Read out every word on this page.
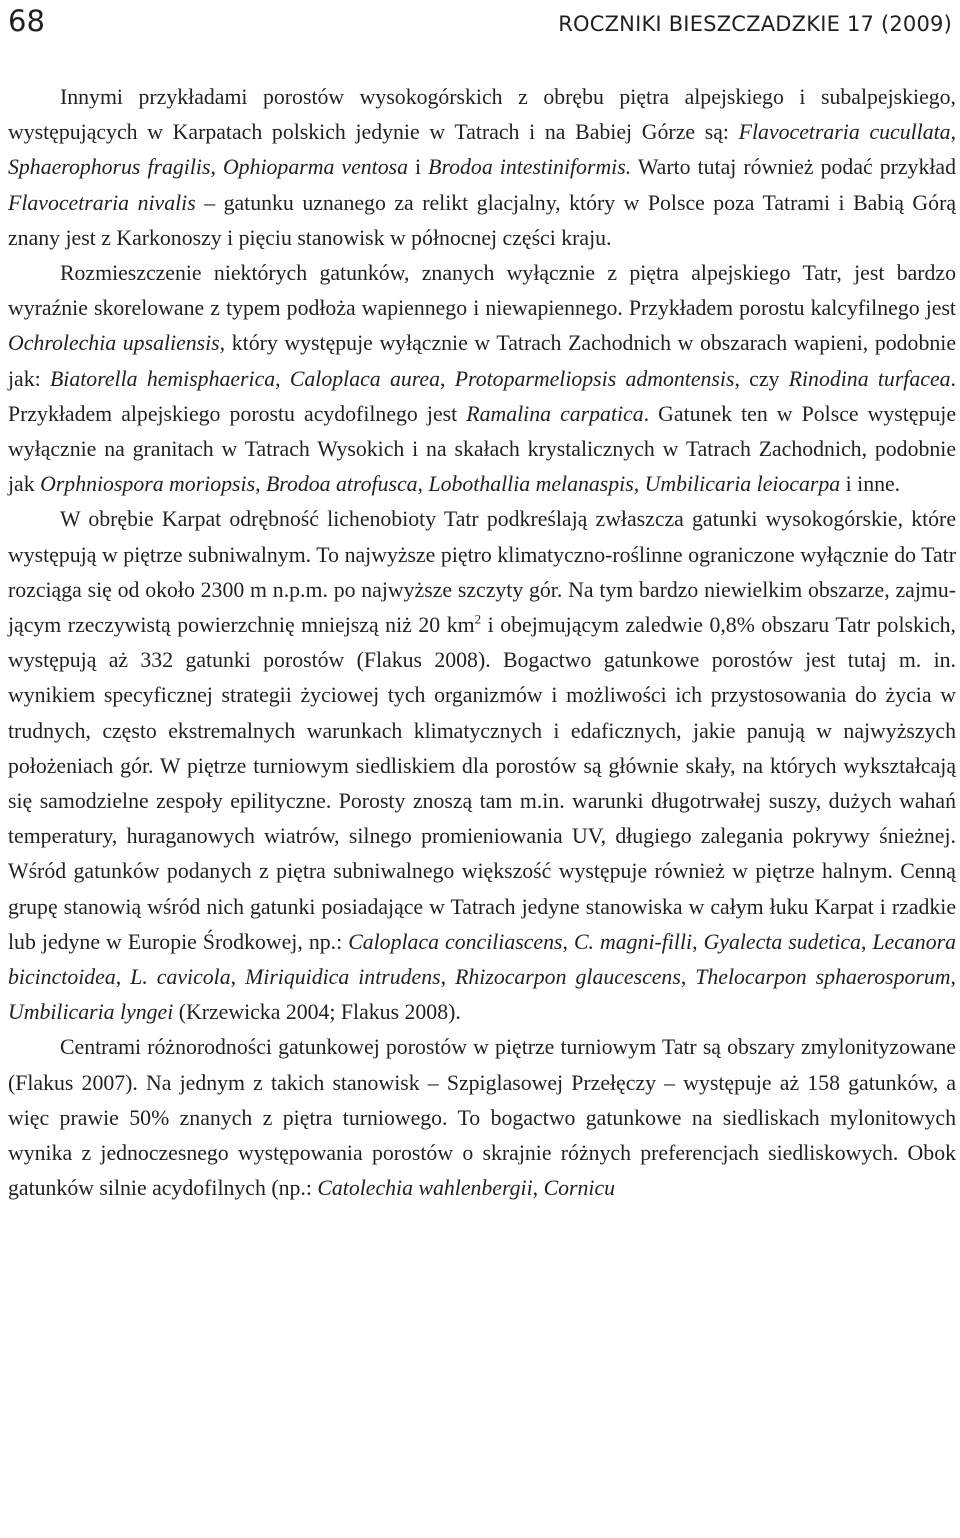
68	ROCZNIKI BIESZCZADZKIE 17 (2009)

Innymi przykładami porostów wysokogórskich z obrębu piętra alpejskiego i subalpejskiego, występujących w Karpatach polskich jedynie w Tatrach i na Babiej Górze są: Flavocetraria cucullata, Sphaerophorus fragilis, Ophioparma ventosa i Brodoa intestiniformis. Warto tutaj również podać przykład Flavocetraria nivalis – gatunku uznanego za relikt glacjalny, który w Polsce poza Tatrami i Babią Górą znany jest z Karkonoszy i pięciu stanowisk w północnej części kraju.

Rozmieszczenie niektórych gatunków, znanych wyłącznie z piętra alpejskiego Tatr, jest bardzo wyraźnie skorelowane z typem podłoża wapiennego i niewapiennego. Przykładem porostu kalcyfilnego jest Ochrolechia upsaliensis, który występuje wyłącznie w Tatrach Zachodnich w obszarach wapieni, podobnie jak: Biatorella hemisphaerica, Caloplaca aurea, Protoparmeliopsis admontensis, czy Rinodina turfacea. Przykładem alpejskiego porostu acydofilnego jest Ramalina carpatica. Gatunek ten w Polsce występuje wyłącznie na granitach w Tatrach Wysokich i na skałach krystalicznych w Tatrach Zachodnich, podobnie jak Orphniospora moriopsis, Brodoa atrofusca, Lobothallia melanaspis, Umbilicaria leiocarpa i inne.

W obrębie Karpat odrębność lichenobioty Tatr podkreślają zwłaszcza gatunki wysokogórskie, które występują w piętrze subniwalnym. To najwyższe piętro klimatyczno-roślinne ograniczone wyłącznie do Tatr rozciąga się od około 2300 m n.p.m. po najwyższe szczyty gór. Na tym bardzo niewielkim obszarze, zajmującym rzeczywistą powierzchnię mniejszą niż 20 $km^2$ i obejmującym zaledwie 0,8% obszaru Tatr polskich, występują aż 332 gatunki porostów (Flakus 2008). Bogactwo gatunkowe porostów jest tutaj m. in. wynikiem specyficznej strategii życiowej tych organizmów i możliwości ich przystosowania do życia w trudnych, często ekstremalnych warunkach klimatycznych i edaficznych, jakie panują w najwyższych położeniach gór. W piętrze turniowym siedliskiem dla porostów są głównie skały, na których wykształcają się samodzielne zespoły epilityczne. Porosty znoszą tam m.in. warunki długotrwałej suszy, dużych wahań temperatury, huraganowych wiatrów, silnego promieniowania UV, długiego zalegania pokrywy śnieżnej. Wśród gatunków podanych z piętra subniwalnego większość występuje również w piętrze halnym. Cenną grupę stanowią wśród nich gatunki posiadające w Tatrach jedyne stanowiska w całym łuku Karpat i rzadkie lub jedyne w Europie Środkowej, np.: Caloplaca conciliascens, C. magni-filli, Gyalecta sudetica, Lecanora bicinctoidea, L. cavicola, Miriquidica intrudens, Rhizocarpon glaucescens, Thelocarpon sphaerosporum, Umbilicaria lyngei (Krzewicka 2004; Flakus 2008).

Centrami różnorodności gatunkowej porostów w piętrze turniowym Tatr są obszary zmylonityzowane (Flakus 2007). Na jednym z takich stanowisk – Szpiglasowej Przełęczy – występuje aż 158 gatunków, a więc prawie 50% znanych z piętra turniowego. To bogactwo gatunkowe na siedliskach mylonitowych wynika z jednoczesnego występowania porostów o skrajnie różnych preferencjach siedliskowych. Obok gatunków silnie acydofilnych (np.: Catolechia wahlenbergii, Cornicu
